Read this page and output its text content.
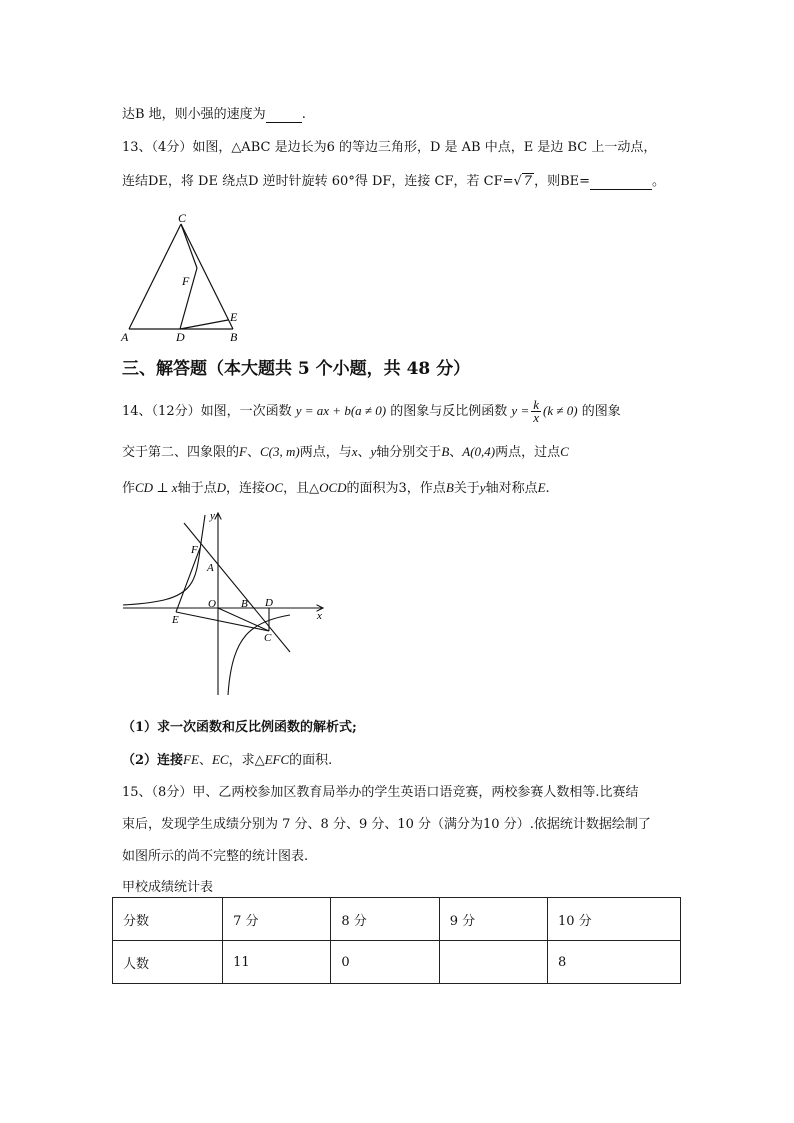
达B 地，则小强的速度为	.
13、（4分）如图，△ABC 是边长为6 的等边三角形，D 是 AB 中点，E 是边 BC 上一动点，
连结DE，将 DE 绕点D 逆时针旋转 60°得 DF，连接 CF，若 CF=√ 7 ，则BE=	。
C
F
E
A	D	B
三、解答题（本大题共 5 个小题，共 48 分）
14、（12分）如图，一次函数 y = ax + b(a ≠ 0) 的图象与反比例函数 $y = \frac{k}{x} (k \ne 0)$ 的图象
交于第二、四象限的F、C(3, m)两点，与x、y轴分别交于B、A(0,4)两点，过点C
作CD ⊥ x轴于点D，连接OC，且△OCD的面积为3，作点B关于y轴对称点E.
y
x
O
A
F
B D
E
C
（1）求一次函数和反比例函数的解析式;
（2）连接FE、EC，求△EFC的面积.
15、（8分）甲、乙两校参加区教育局举办的学生英语口语竞赛，两校参赛人数相等.比赛结
束后，发现学生成绩分别为 7 分、8 分、9 分、10 分（满分为10 分）.依据统计数据绘制了
如图所示的尚不完整的统计图表.
甲校成绩统计表
分数	7 分	8 分	9 分	10 分
人数	11	0		8
